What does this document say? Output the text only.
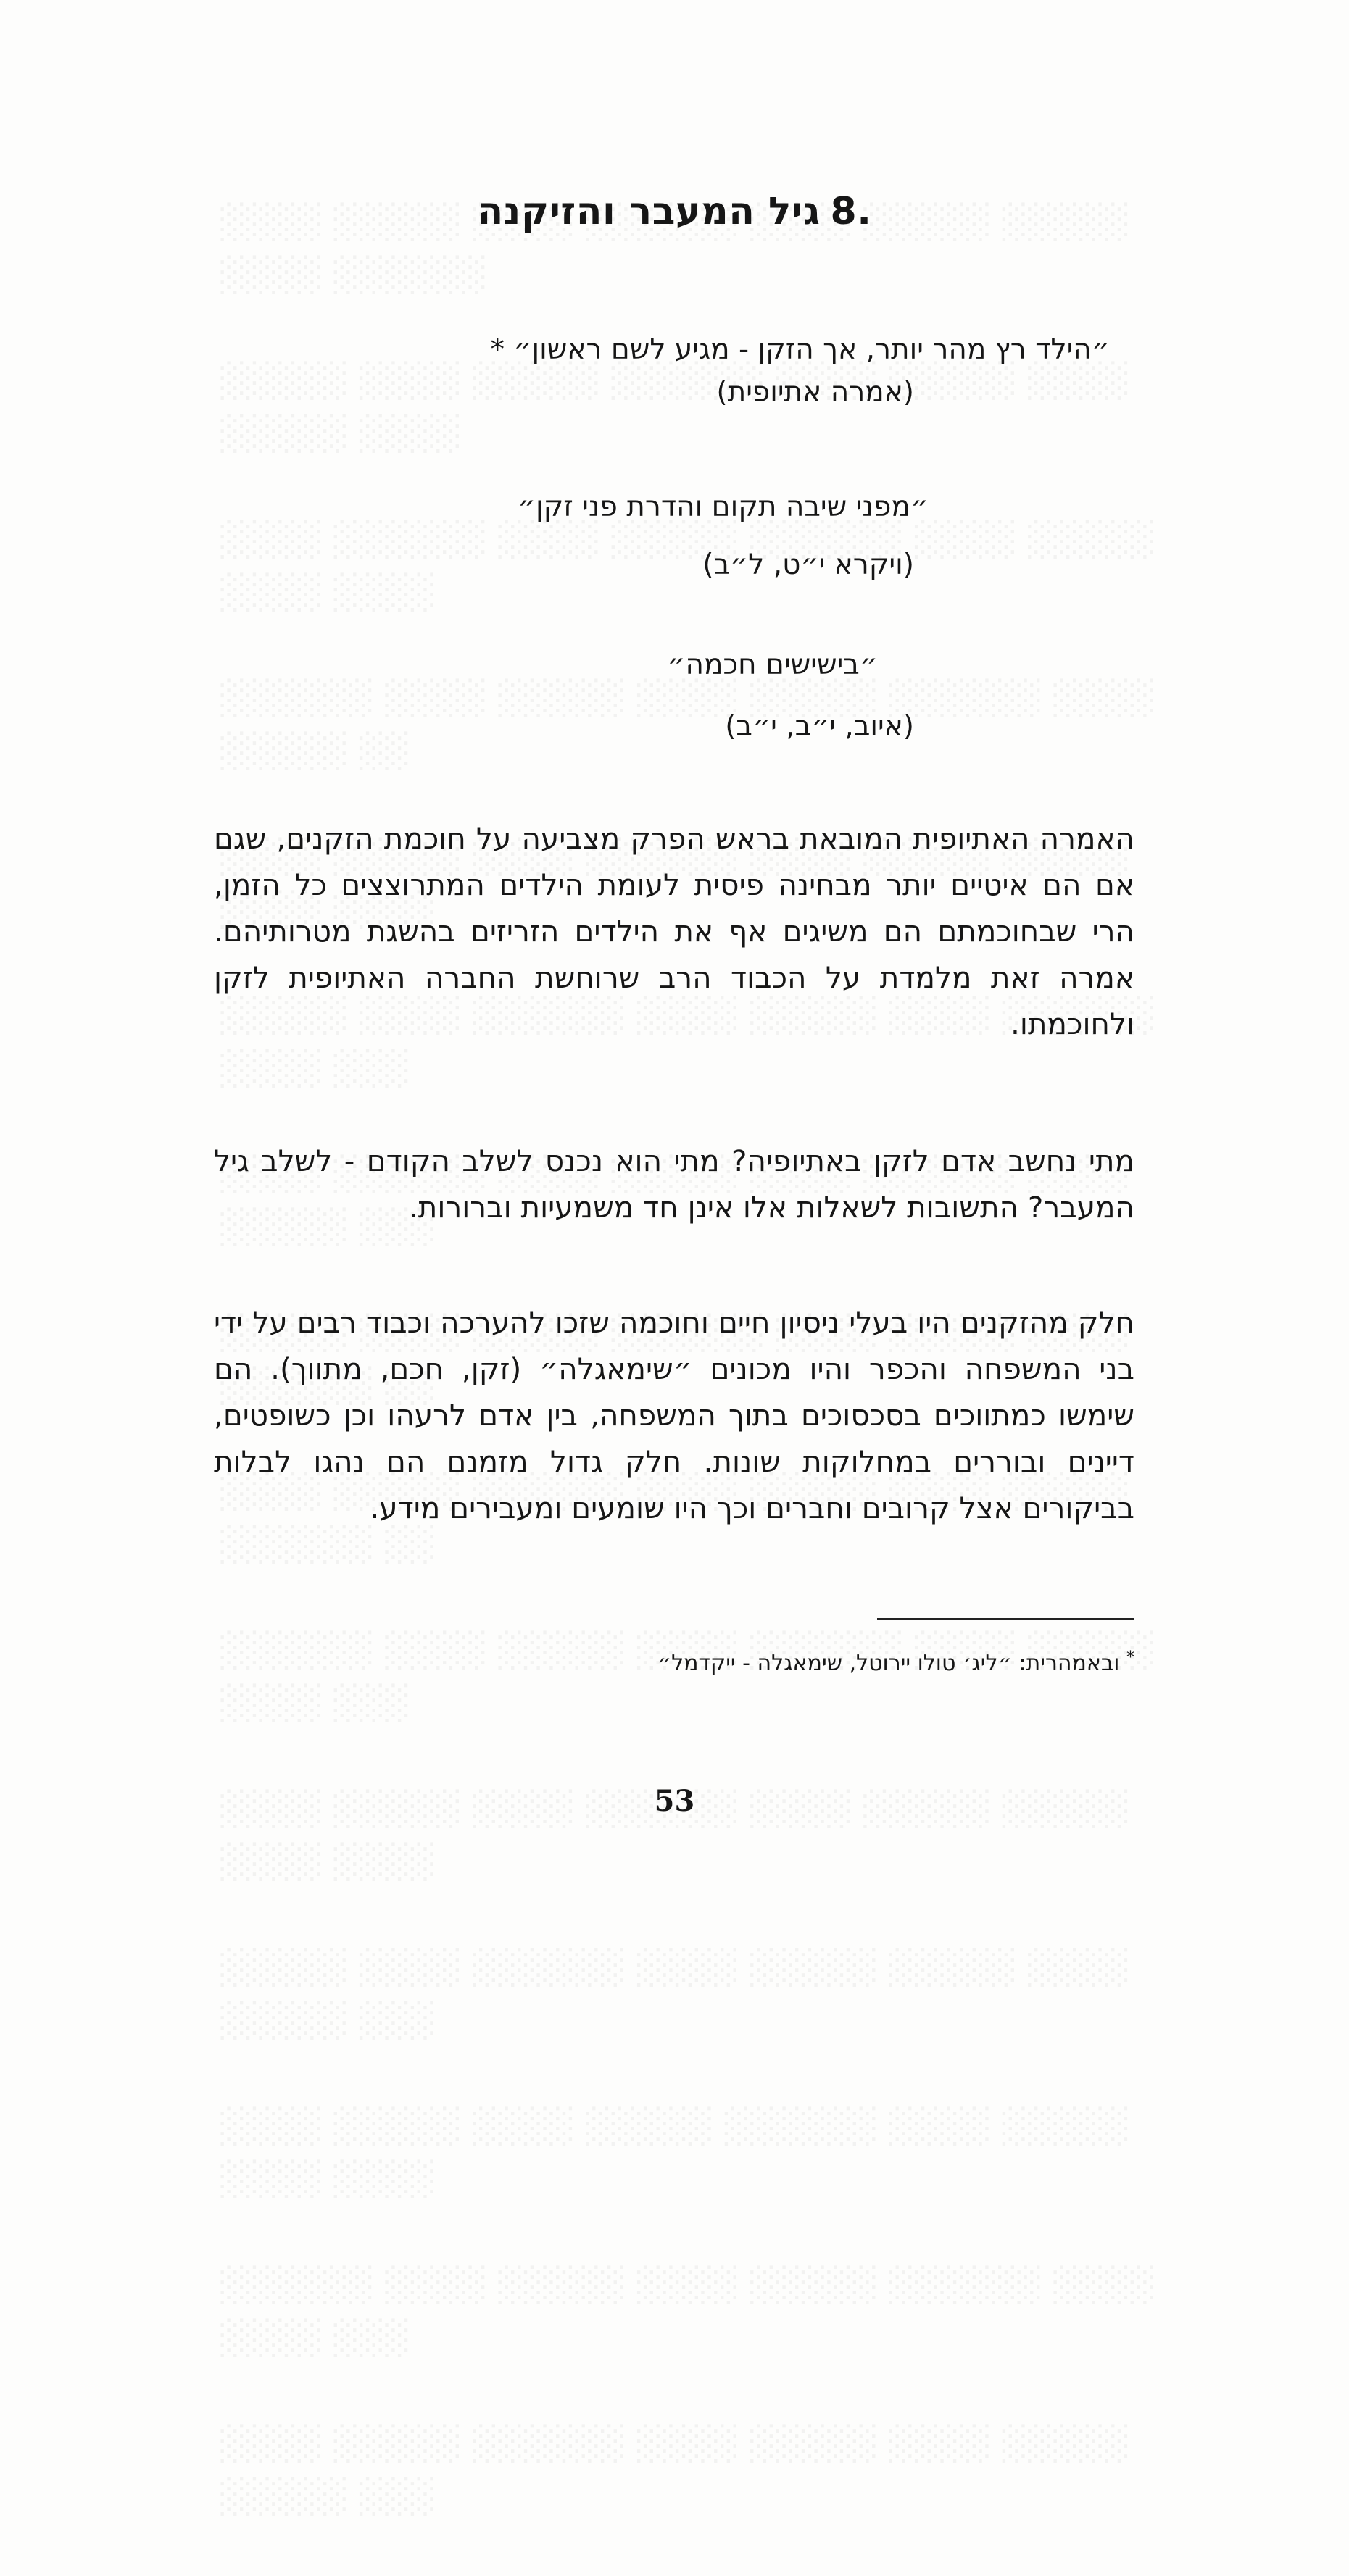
8.גיל המעבר והזיקנה

״הילד רץ מהר יותר, אך הזקן - מגיע לשם ראשון״ *

(אמרה אתיופית)

״מפני שיבה תקום והדרת פני זקן״

(ויקרא י״ט, ל״ב)

״בישישים חכמה״

(איוב, י״ב, י״ב)

האמרה האתיופית המובאת בראש הפרק מצביעה על חוכמת הזקנים, שגם אם הם איטיים יותר מבחינה פיסית לעומת הילדים המתרוצצים כל הזמן, הרי שבחוכמתם הם משיגים אף את הילדים הזריזים בהשגת מטרותיהם. אמרה זאת מלמדת על הכבוד הרב שרוחשת החברה האתיופית לזקן ולחוכמתו.

מתי נחשב אדם לזקן באתיופיה? מתי הוא נכנס לשלב הקודם - לשלב גיל המעבר? התשובות לשאלות אלו אינן חד משמעיות וברורות.

חלק מהזקנים היו בעלי ניסיון חיים וחוכמה שזכו להערכה וכבוד רבים על ידי בני המשפחה והכפר והיו מכונים ״שימאגלה״ (זקן, חכם, מתווך). הם שימשו כמתווכים בסכסוכים בתוך המשפחה, בין אדם לרעהו וכן כשופטים, דיינים ובוררים במחלוקות שונות. חלק גדול מזמנם הם נהגו לבלות בביקורים אצל קרובים וחברים וכך היו שומעים ומעבירים מידע.

* ובאמהרית: ״ליג׳ טולו יירוטל, שימאגלה - ייקדמל״

53
